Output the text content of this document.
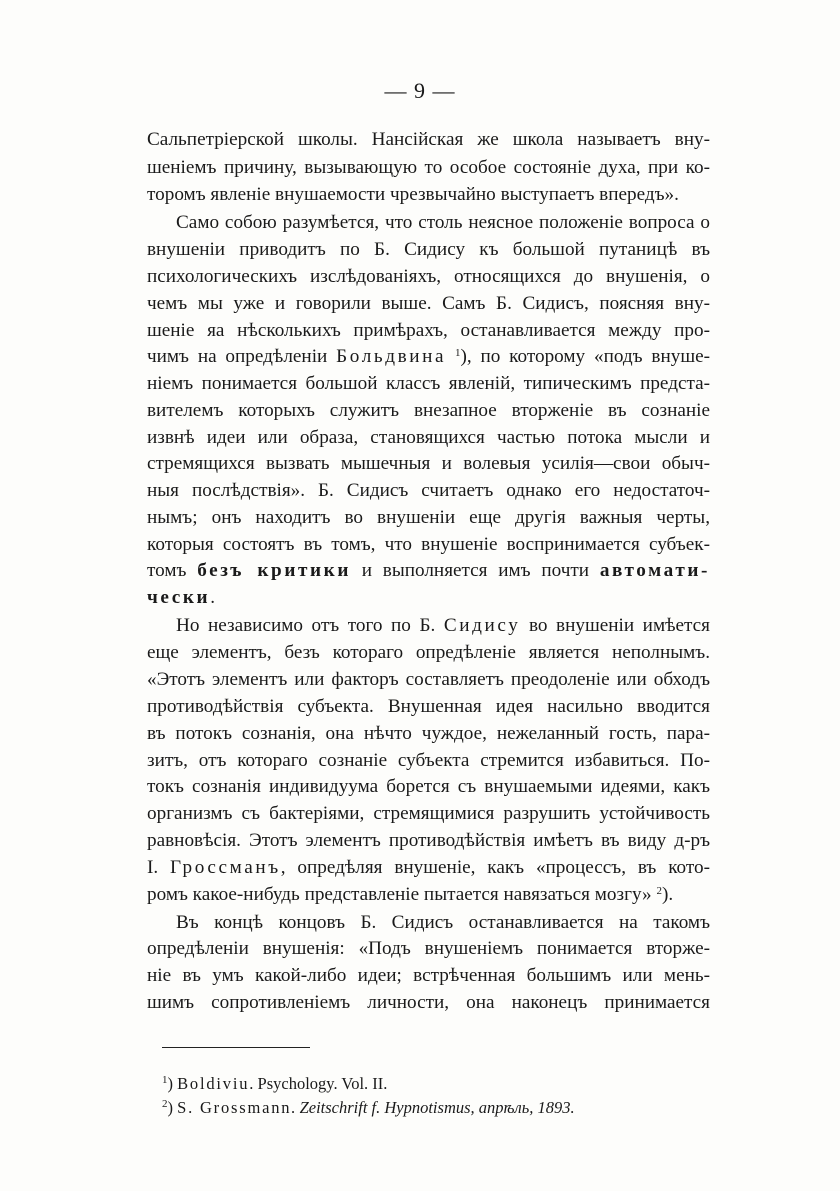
— 9 —
Сальпетріерской школы. Нансійская же школа называетъ вну-
шеніемъ причину, вызывающую то особое состояніе духа, при ко-
торомъ явленіе внушаемости чрезвычайно выступаетъ впередъ».
Само собою разумѣется, что столь неясное положеніе вопроса о
внушеніи приводитъ по Б. Сидису къ большой путаницѣ въ
психологическихъ изслѣдованіяхъ, относящихся до внушенія, о
чемъ мы уже и говорили выше. Самъ Б. Сидисъ, поясняя вну-
шеніе яа нѣсколькихъ примѣрахъ, останавливается между про-
чимъ на опредѣленіи Больдвина $^1$), по которому «подъ внуше-
ніемъ понимается большой классъ явленій, типическимъ предста-
вителемъ которыхъ служитъ внезапное вторженіе въ сознаніе
извнѣ идеи или образа, становящихся частью потока мысли и
стремящихся вызвать мышечныя и волевыя усилія—свои обыч-
ныя послѣдствія». Б. Сидисъ считаетъ однако его недостаточ-
нымъ; онъ находитъ во внушеніи еще другія важныя черты,
которыя состоятъ въ томъ, что внушеніе воспринимается субъек-
томъ безъ критики и выполняется имъ почти автомати-
чески.
Но независимо отъ того по Б. Сидису во внушеніи имѣется
еще элементъ, безъ котораго опредѣленіе является неполнымъ.
«Этотъ элементъ или факторъ составляетъ преодоленіе или обходъ
противодѣйствія субъекта. Внушенная идея насильно вводится
въ потокъ сознанія, она нѣчто чуждое, нежеланный гость, пара-
зитъ, отъ котораго сознаніе субъекта стремится избавиться. По-
токъ сознанія индивидуума борется съ внушаемыми идеями, какъ
организмъ съ бактеріями, стремящимися разрушить устойчивость
равновѣсія. Этотъ элементъ противодѣйствія имѣетъ въ виду д-ръ
І. Гроссманъ, опредѣляя внушеніе, какъ «процессъ, въ кото-
ромъ какое-нибудь представленіе пытается навязаться мозгу» $^2$).
Въ концѣ концовъ Б. Сидисъ останавливается на такомъ
опредѣленіи внушенія: «Подъ внушеніемъ понимается вторже-
ніе въ умъ какой-либо идеи; встрѣченная большимъ или мень-
шимъ сопротивленіемъ личности, она наконецъ принимается
$^1$) Boldiviu. Psychology. Vol. II.
$^2$) S. Grossmann. Zeitschrift f. Hypnotismus, апрѣль, 1893.
